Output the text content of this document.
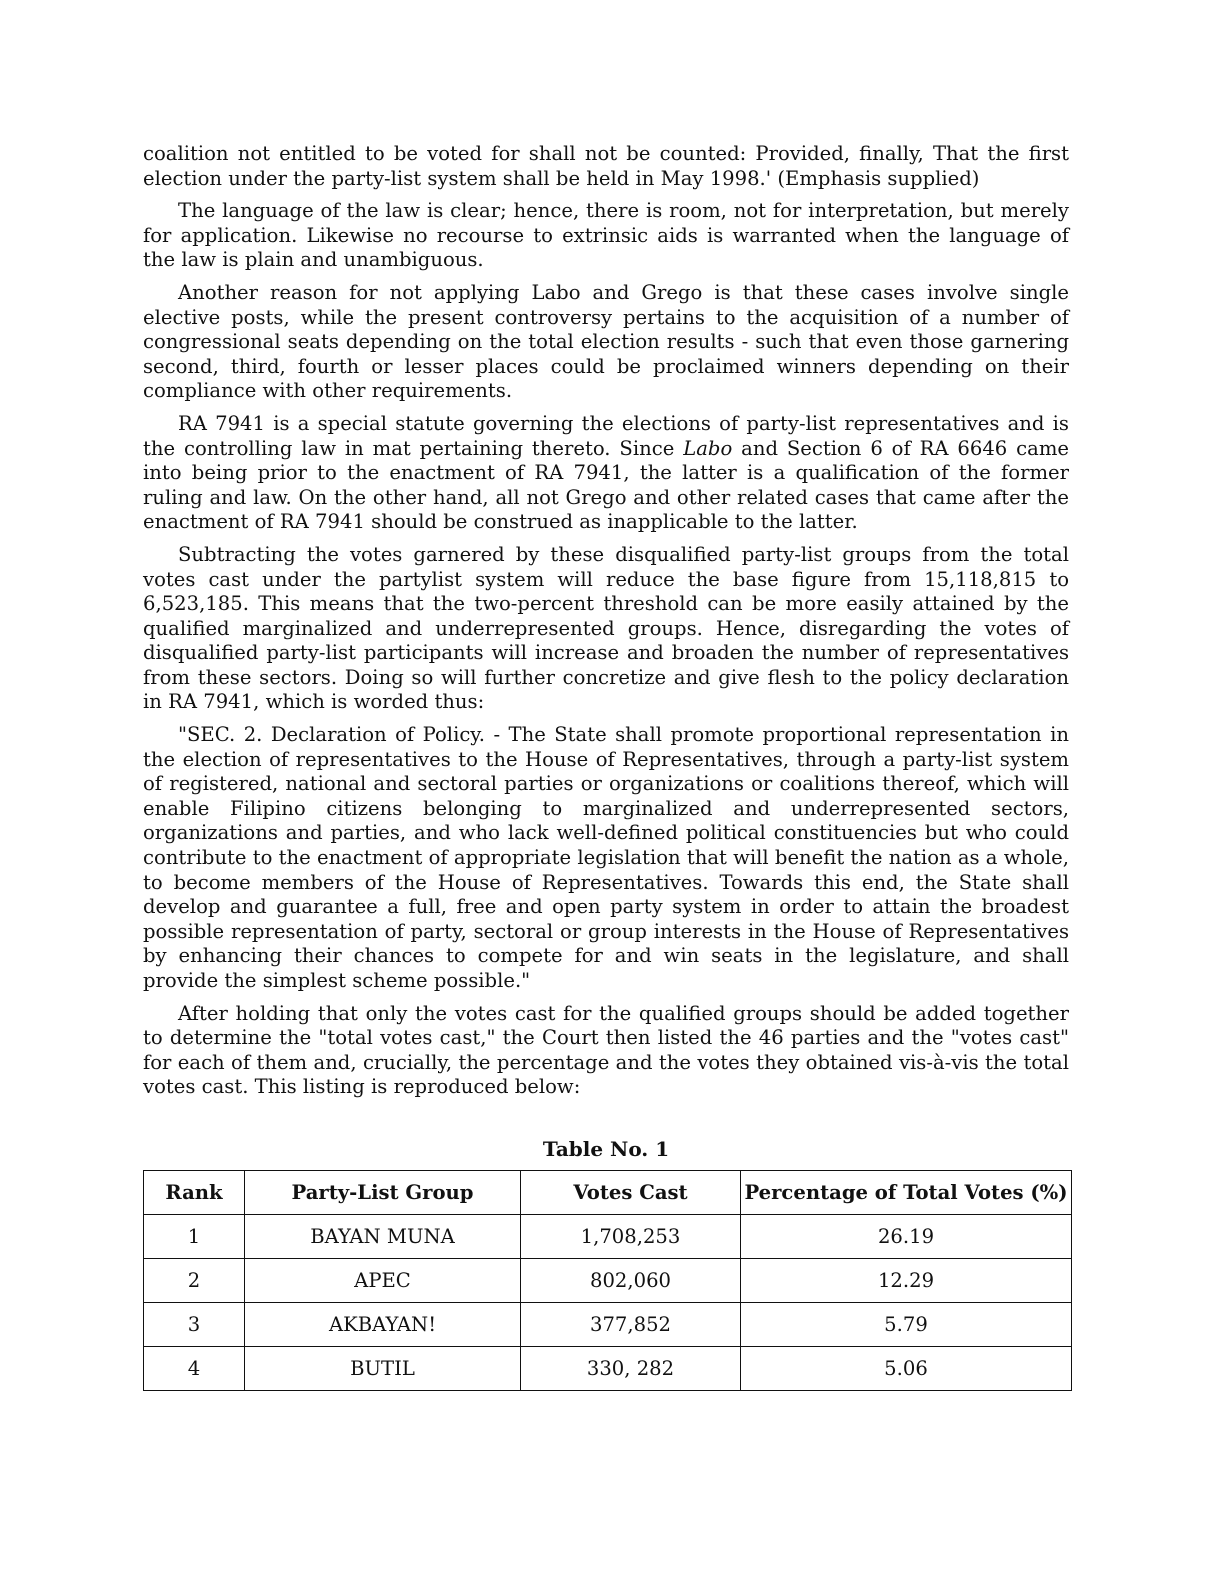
coalition not entitled to be voted for shall not be counted: Provided, finally, That the first election under the party-list system shall be held in May 1998.' (Emphasis supplied)

The language of the law is clear; hence, there is room, not for interpretation, but merely for application. Likewise no recourse to extrinsic aids is warranted when the language of the law is plain and unambiguous.

Another reason for not applying Labo and Grego is that these cases involve single elective posts, while the present controversy pertains to the acquisition of a number of congressional seats depending on the total election results - such that even those garnering second, third, fourth or lesser places could be proclaimed winners depending on their compliance with other requirements.

RA 7941 is a special statute governing the elections of party-list representatives and is the controlling law in mat pertaining thereto. Since Labo and Section 6 of RA 6646 came into being prior to the enactment of RA 7941, the latter is a qualification of the former ruling and law. On the other hand, all not Grego and other related cases that came after the enactment of RA 7941 should be construed as inapplicable to the latter.

Subtracting the votes garnered by these disqualified party-list groups from the total votes cast under the partylist system will reduce the base figure from 15,118,815 to 6,523,185. This means that the two-percent threshold can be more easily attained by the qualified marginalized and underrepresented groups. Hence, disregarding the votes of disqualified party-list participants will increase and broaden the number of representatives from these sectors. Doing so will further concretize and give flesh to the policy declaration in RA 7941, which is worded thus:

"SEC. 2. Declaration of Policy. - The State shall promote proportional representation in the election of representatives to the House of Representatives, through a party-list system of registered, national and sectoral parties or organizations or coalitions thereof, which will enable Filipino citizens belonging to marginalized and underrepresented sectors, organizations and parties, and who lack well-defined political constituencies but who could contribute to the enactment of appropriate legislation that will benefit the nation as a whole, to become members of the House of Representatives. Towards this end, the State shall develop and guarantee a full, free and open party system in order to attain the broadest possible representation of party, sectoral or group interests in the House of Representatives by enhancing their chances to compete for and win seats in the legislature, and shall provide the simplest scheme possible."

After holding that only the votes cast for the qualified groups should be added together to determine the "total votes cast," the Court then listed the 46 parties and the "votes cast" for each of them and, crucially, the percentage and the votes they obtained vis-à-vis the total votes cast. This listing is reproduced below:

Table No. 1
Rank	Party-List Group	Votes Cast	Percentage of Total Votes (%)
1	BAYAN MUNA	1,708,253	26.19
2	APEC	802,060	12.29
3	AKBAYAN!	377,852	5.79
4	BUTIL	330, 282	5.06
